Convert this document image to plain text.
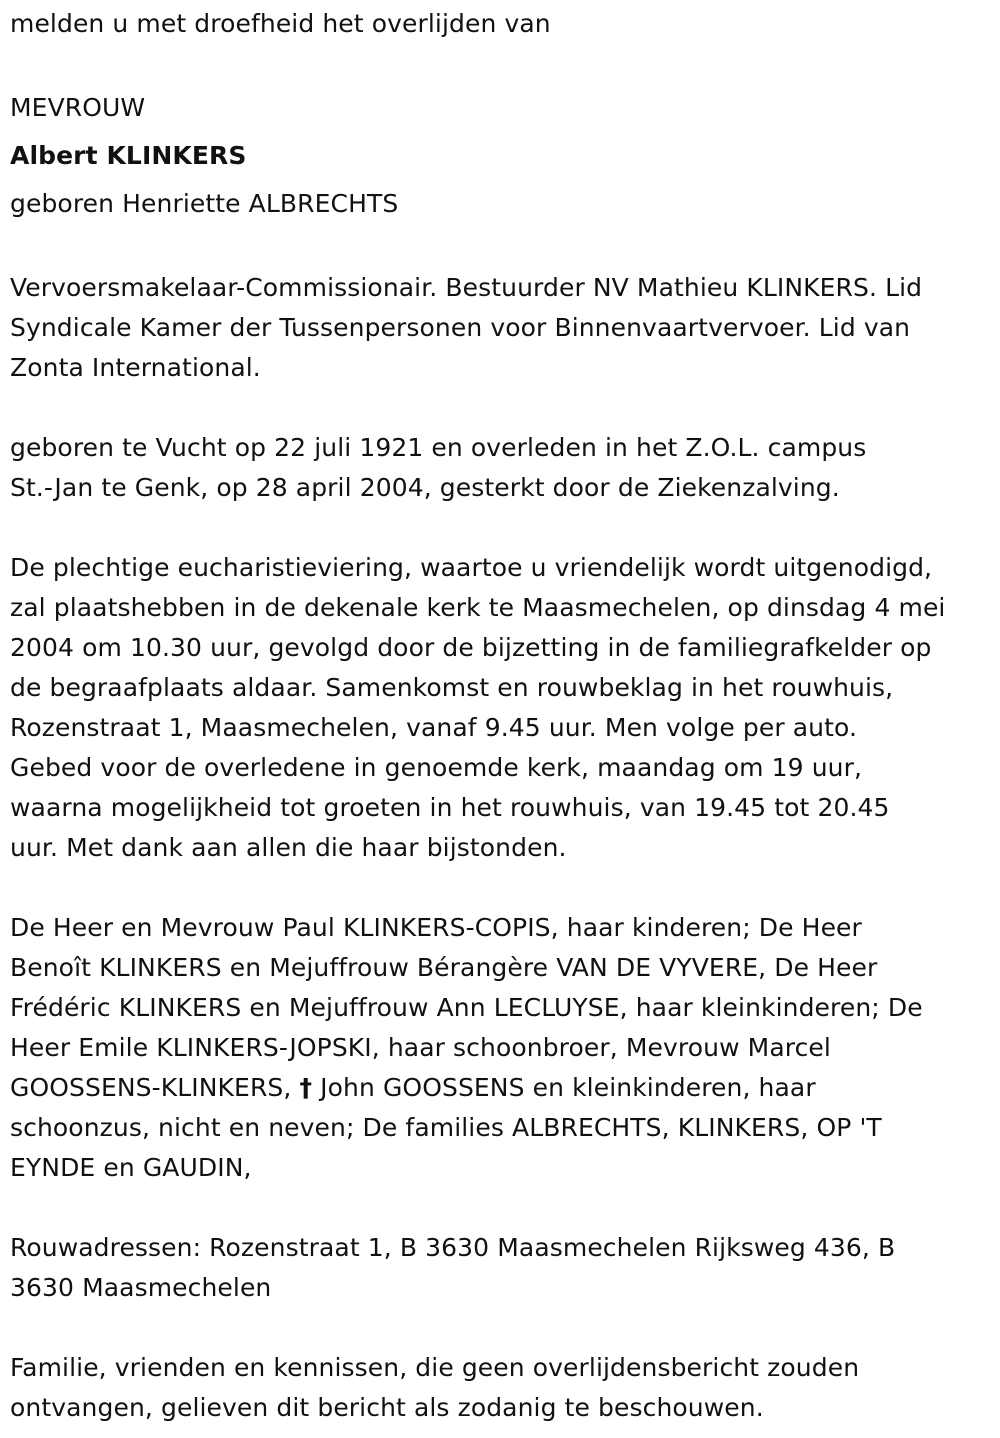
melden u met droefheid het overlijden van
MEVROUW
Albert KLINKERS
geboren Henriette ALBRECHTS
Vervoersmakelaar-Commissionair. Bestuurder NV Mathieu KLINKERS. Lid
Syndicale Kamer der Tussenpersonen voor Binnenvaartvervoer. Lid van
Zonta International.
geboren te Vucht op 22 juli 1921 en overleden in het Z.O.L. campus
St.-Jan te Genk, op 28 april 2004, gesterkt door de Ziekenzalving.
De plechtige eucharistieviering, waartoe u vriendelijk wordt uitgenodigd,
zal plaatshebben in de dekenale kerk te Maasmechelen, op dinsdag 4 mei
2004 om 10.30 uur, gevolgd door de bijzetting in de familiegrafkelder op
de begraafplaats aldaar. Samenkomst en rouwbeklag in het rouwhuis,
Rozenstraat 1, Maasmechelen, vanaf 9.45 uur. Men volge per auto.
Gebed voor de overledene in genoemde kerk, maandag om 19 uur,
waarna mogelijkheid tot groeten in het rouwhuis, van 19.45 tot 20.45
uur. Met dank aan allen die haar bijstonden.
De Heer en Mevrouw Paul KLINKERS-COPIS, haar kinderen; De Heer
Benoît KLINKERS en Mejuffrouw Bérangère VAN DE VYVERE, De Heer
Frédéric KLINKERS en Mejuffrouw Ann LECLUYSE, haar kleinkinderen; De
Heer Emile KLINKERS-JOPSKI, haar schoonbroer, Mevrouw Marcel
GOOSSENS-KLINKERS, † John GOOSSENS en kleinkinderen, haar
schoonzus, nicht en neven; De families ALBRECHTS, KLINKERS, OP 'T
EYNDE en GAUDIN,
Rouwadressen: Rozenstraat 1, B 3630 Maasmechelen Rijksweg 436, B
3630 Maasmechelen
Familie, vrienden en kennissen, die geen overlijdensbericht zouden
ontvangen, gelieven dit bericht als zodanig te beschouwen.
